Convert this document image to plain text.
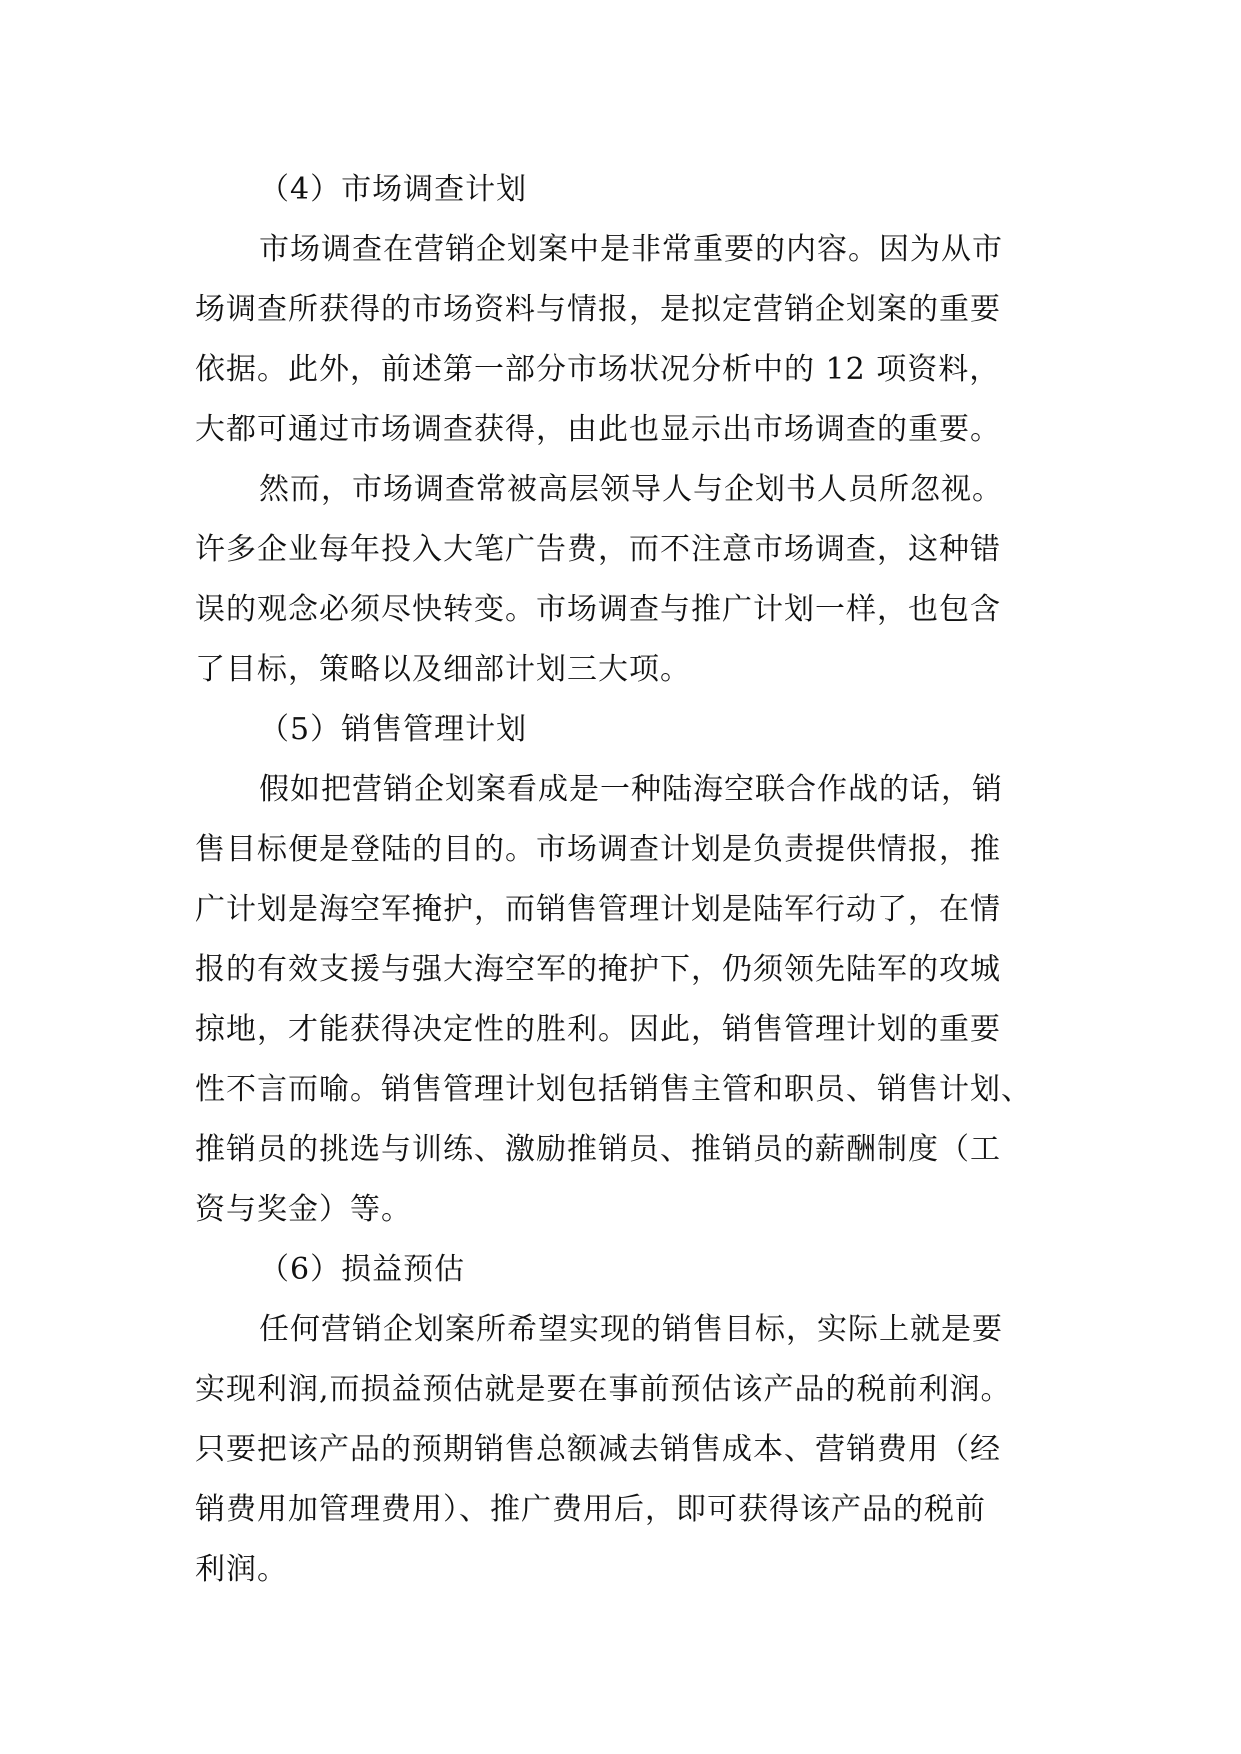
（4）市场调查计划
市场调查在营销企划案中是非常重要的内容。因为从市
场调查所获得的市场资料与情报，是拟定营销企划案的重要
依据。此外，前述第一部分市场状况分析中的 12 项资料，
大都可通过市场调查获得，由此也显示出市场调查的重要。
然而，市场调查常被高层领导人与企划书人员所忽视。
许多企业每年投入大笔广告费，而不注意市场调查，这种错
误的观念必须尽快转变。市场调查与推广计划一样，也包含
了目标，策略以及细部计划三大项。
（5）销售管理计划
假如把营销企划案看成是一种陆海空联合作战的话，销
售目标便是登陆的目的。市场调查计划是负责提供情报，推
广计划是海空军掩护，而销售管理计划是陆军行动了，在情
报的有效支援与强大海空军的掩护下，仍须领先陆军的攻城
掠地，才能获得决定性的胜利。因此，销售管理计划的重要
性不言而喻。销售管理计划包括销售主管和职员、销售计划、
推销员的挑选与训练、激励推销员、推销员的薪酬制度（工
资与奖金）等。
（6）损益预估
任何营销企划案所希望实现的销售目标，实际上就是要
实现利润,而损益预估就是要在事前预估该产品的税前利润。
只要把该产品的预期销售总额减去销售成本、营销费用（经
销费用加管理费用）、推广费用后，即可获得该产品的税前
利润。
